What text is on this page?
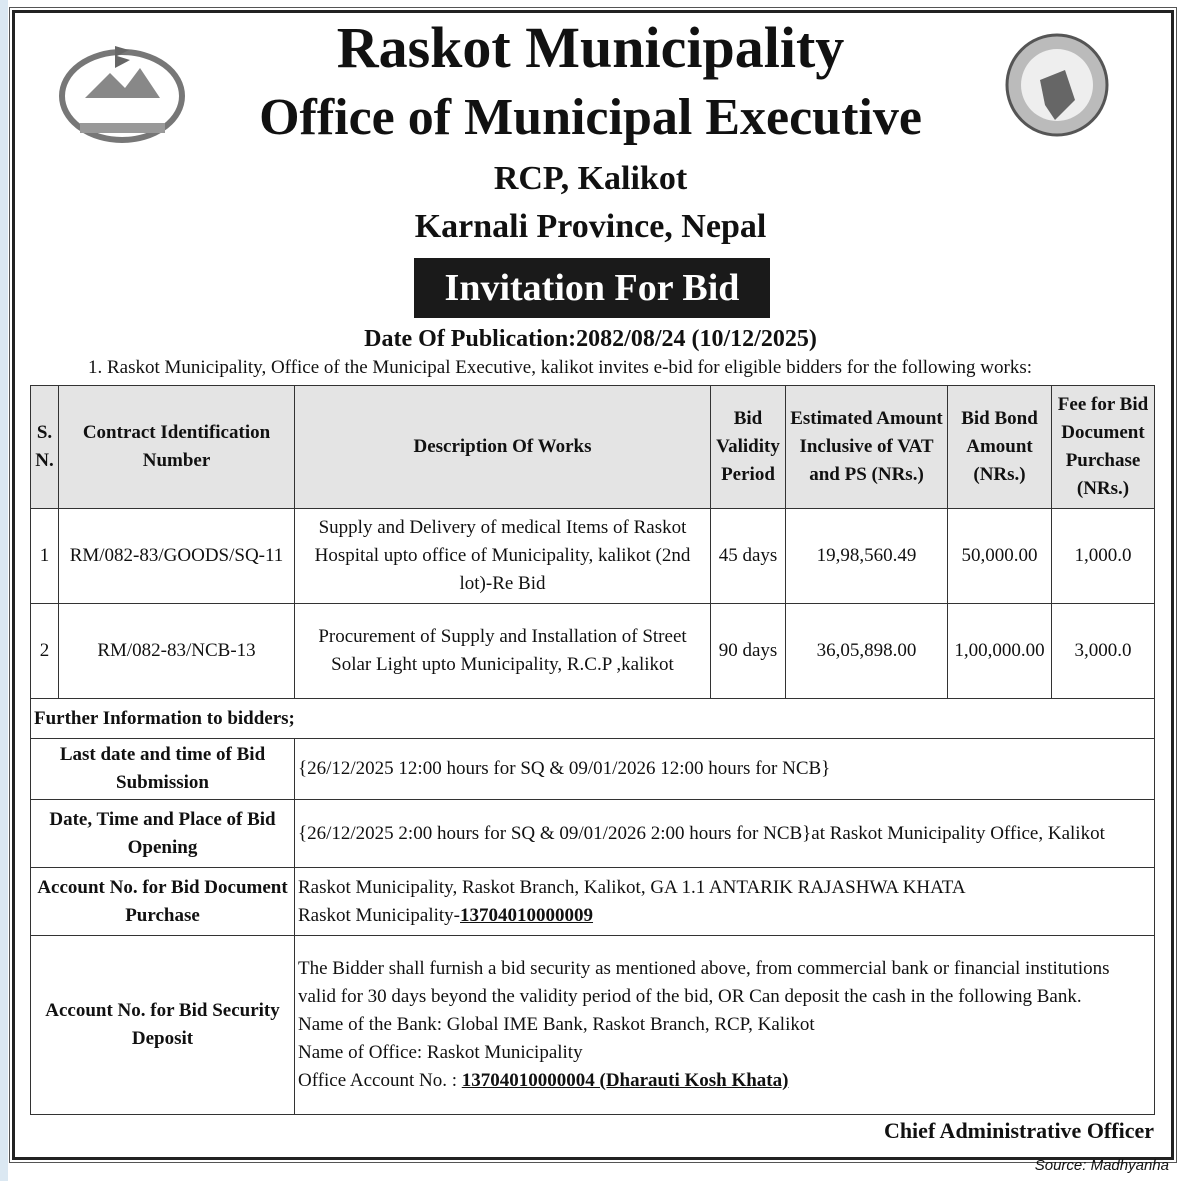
Raskot Municipality
Office of Municipal Executive
RCP, Kalikot
Karnali Province, Nepal
Invitation For Bid
Date Of Publication:2082/08/24 (10/12/2025)
1. Raskot Municipality, Office of the Municipal Executive, kalikot invites e-bid for eligible bidders for the following works:
S. N.	Contract Identification Number	Description Of Works	Bid Validity Period	Estimated Amount Inclusive of VAT and PS (NRs.)	Bid Bond Amount (NRs.)	Fee for Bid Document Purchase (NRs.)
1	RM/082-83/GOODS/SQ-11	Supply and Delivery of medical Items of Raskot Hospital upto office of Municipality, kalikot (2nd lot)-Re Bid	45 days	19,98,560.49	50,000.00	1,000.0
2	RM/082-83/NCB-13	Procurement of Supply and Installation of Street Solar Light upto Municipality, R.C.P ,kalikot	90 days	36,05,898.00	1,00,000.00	3,000.0
Further Information to bidders;						
Last date and time of Bid Submission		{26/12/2025 12:00 hours for SQ & 09/01/2026 12:00 hours for NCB}				
Date, Time and Place of Bid Opening		{26/12/2025 2:00 hours for SQ & 09/01/2026 2:00 hours for NCB}at Raskot Municipality Office, Kalikot				
Account No. for Bid Document Purchase		Raskot Municipality, Raskot Branch, Kalikot, GA 1.1 ANTARIK RAJASHWA KHATA
Raskot Municipality-13704010000009				

Account No. for Bid Security Deposit		The Bidder shall furnish a bid security as mentioned above, from commercial bank or financial institutions valid for 30 days beyond the validity period of the bid, OR Can deposit the cash in the following Bank.
Name of the Bank: Global IME Bank, Raskot Branch, RCP, Kalikot
Name of Office: Raskot Municipality
Office Account No. : 13704010000004 (Dharauti Kosh Khata)				
Chief Administrative Officer
Source: Madhyanha
